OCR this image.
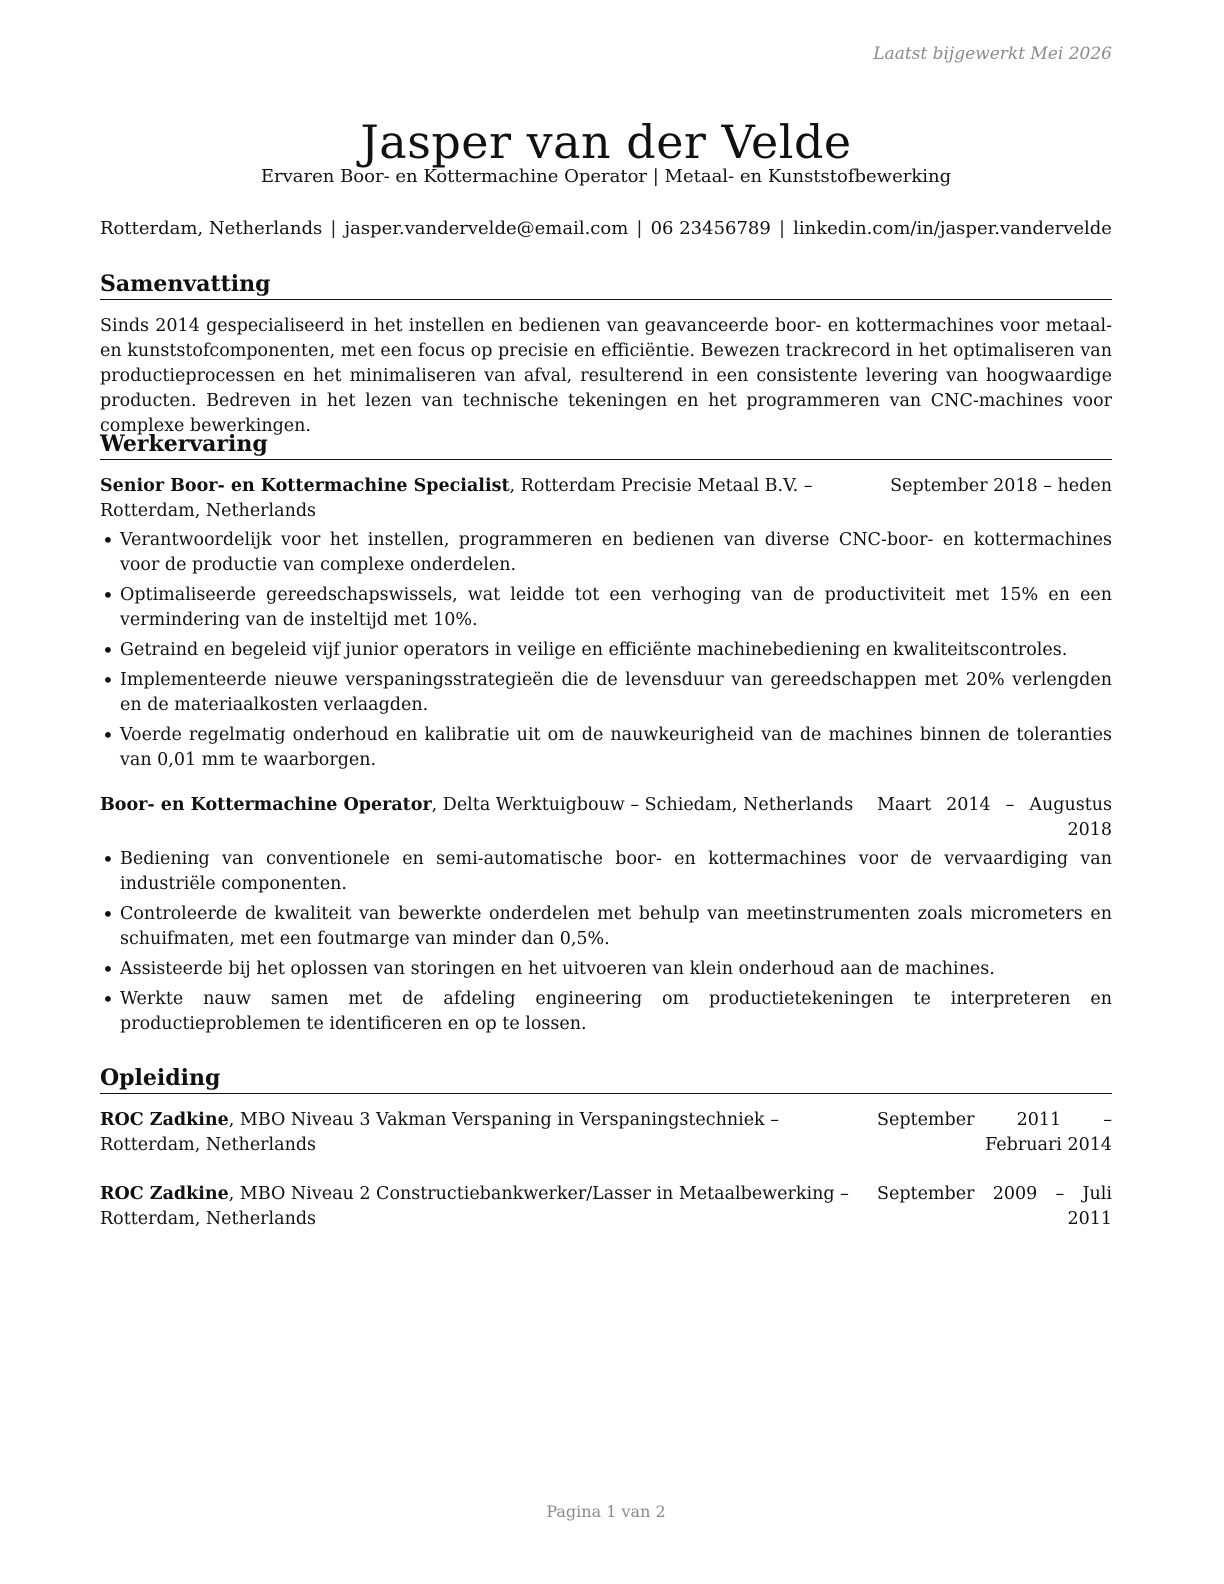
Laatst bijgewerkt Mei 2026
Jasper van der Velde
Ervaren Boor- en Kottermachine Operator | Metaal- en Kunststofbewerking
Rotterdam, Netherlands | jasper.vandervelde@email.com | 06 23456789 | linkedin.com/in/jasper.vandervelde
Samenvatting

Sinds 2014 gespecialiseerd in het instellen en bedienen van geavanceerde boor- en kottermachines voor metaal- en kunststofcomponenten, met een focus op precisie en efficiëntie. Bewezen trackrecord in het optimaliseren van productieprocessen en het minimaliseren van afval, resulterend in een consistente levering van hoogwaardige producten. Bedreven in het lezen van technische tekeningen en het programmeren van CNC-machines voor complexe bewerkingen.

Werkervaring
Senior Boor- en Kottermachine Specialist, Rotterdam Precisie Metaal B.V. – Rotterdam, Netherlands
September 2018 – heden
• Verantwoordelijk voor het instellen, programmeren en bedienen van diverse CNC-boor- en kottermachines voor de productie van complexe onderdelen.
• Optimaliseerde gereedschapswissels, wat leidde tot een verhoging van de productiviteit met 15% en een vermindering van de insteltijd met 10%.
• Getraind en begeleid vijf junior operators in veilige en efficiënte machinebediening en kwaliteitscontroles.
• Implementeerde nieuwe verspaningsstrategieën die de levensduur van gereedschappen met 20% verlengden en de materiaalkosten verlaagden.
• Voerde regelmatig onderhoud en kalibratie uit om de nauwkeurigheid van de machines binnen de toleranties van 0,01 mm te waarborgen.
Boor- en Kottermachine Operator, Delta Werktuigbouw – Schiedam, Netherlands	Maart 2014 – Augustus 2018
• Bediening van conventionele en semi-automatische boor- en kottermachines voor de vervaardiging van industriële componenten.
• Controleerde de kwaliteit van bewerkte onderdelen met behulp van meetinstrumenten zoals micrometers en schuifmaten, met een foutmarge van minder dan 0,5%.
• Assisteerde bij het oplossen van storingen en het uitvoeren van klein onderhoud aan de machines.
• Werkte nauw samen met de afdeling engineering om productietekeningen te interpreteren en productieproblemen te identificeren en op te lossen.
Opleiding
ROC Zadkine, MBO Niveau 3 Vakman Verspaning in Verspaningstechniek – Rotterdam, Netherlands
September 2011 – Februari 2014
ROC Zadkine, MBO Niveau 2 Constructiebankwerker/Lasser in Metaalbewerking – Rotterdam, Netherlands
September 2009 – Juli 2011
Pagina 1 van 2
